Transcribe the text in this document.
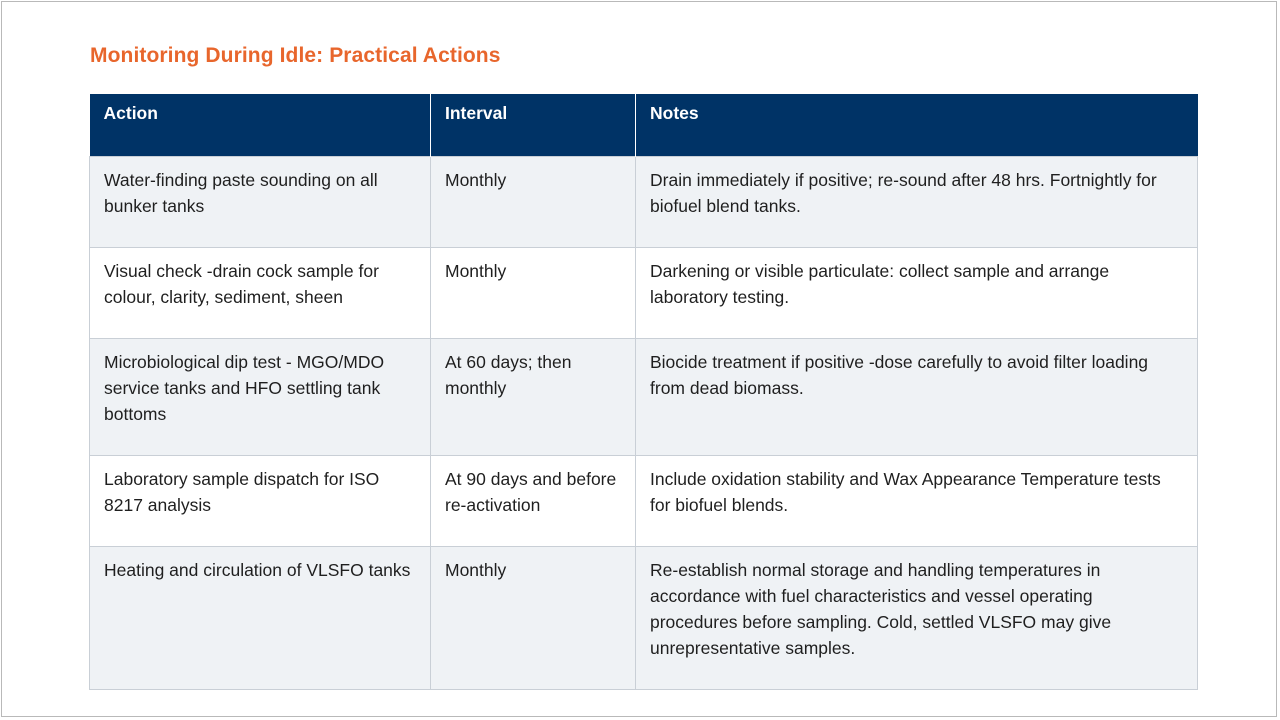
Monitoring During Idle: Practical Actions
Action	Interval	Notes
Water-finding paste sounding on all bunker tanks	Monthly	Drain immediately if positive; re-sound after 48 hrs. Fortnightly for biofuel blend tanks.
Visual check -drain cock sample for colour, clarity, sediment, sheen	Monthly	Darkening or visible particulate: collect sample and arrange laboratory testing.
Microbiological dip test - MGO/MDO service tanks and HFO settling tank bottoms	At 60 days; then monthly	Biocide treatment if positive -dose carefully to avoid filter loading from dead biomass.
Laboratory sample dispatch for ISO 8217 analysis	At 90 days and before re-activation	Include oxidation stability and Wax Appearance Temperature tests for biofuel blends.
Heating and circulation of VLSFO tanks	Monthly	Re-establish normal storage and handling temperatures in accordance with fuel characteristics and vessel operating procedures before sampling. Cold, settled VLSFO may give unrepresentative samples.
